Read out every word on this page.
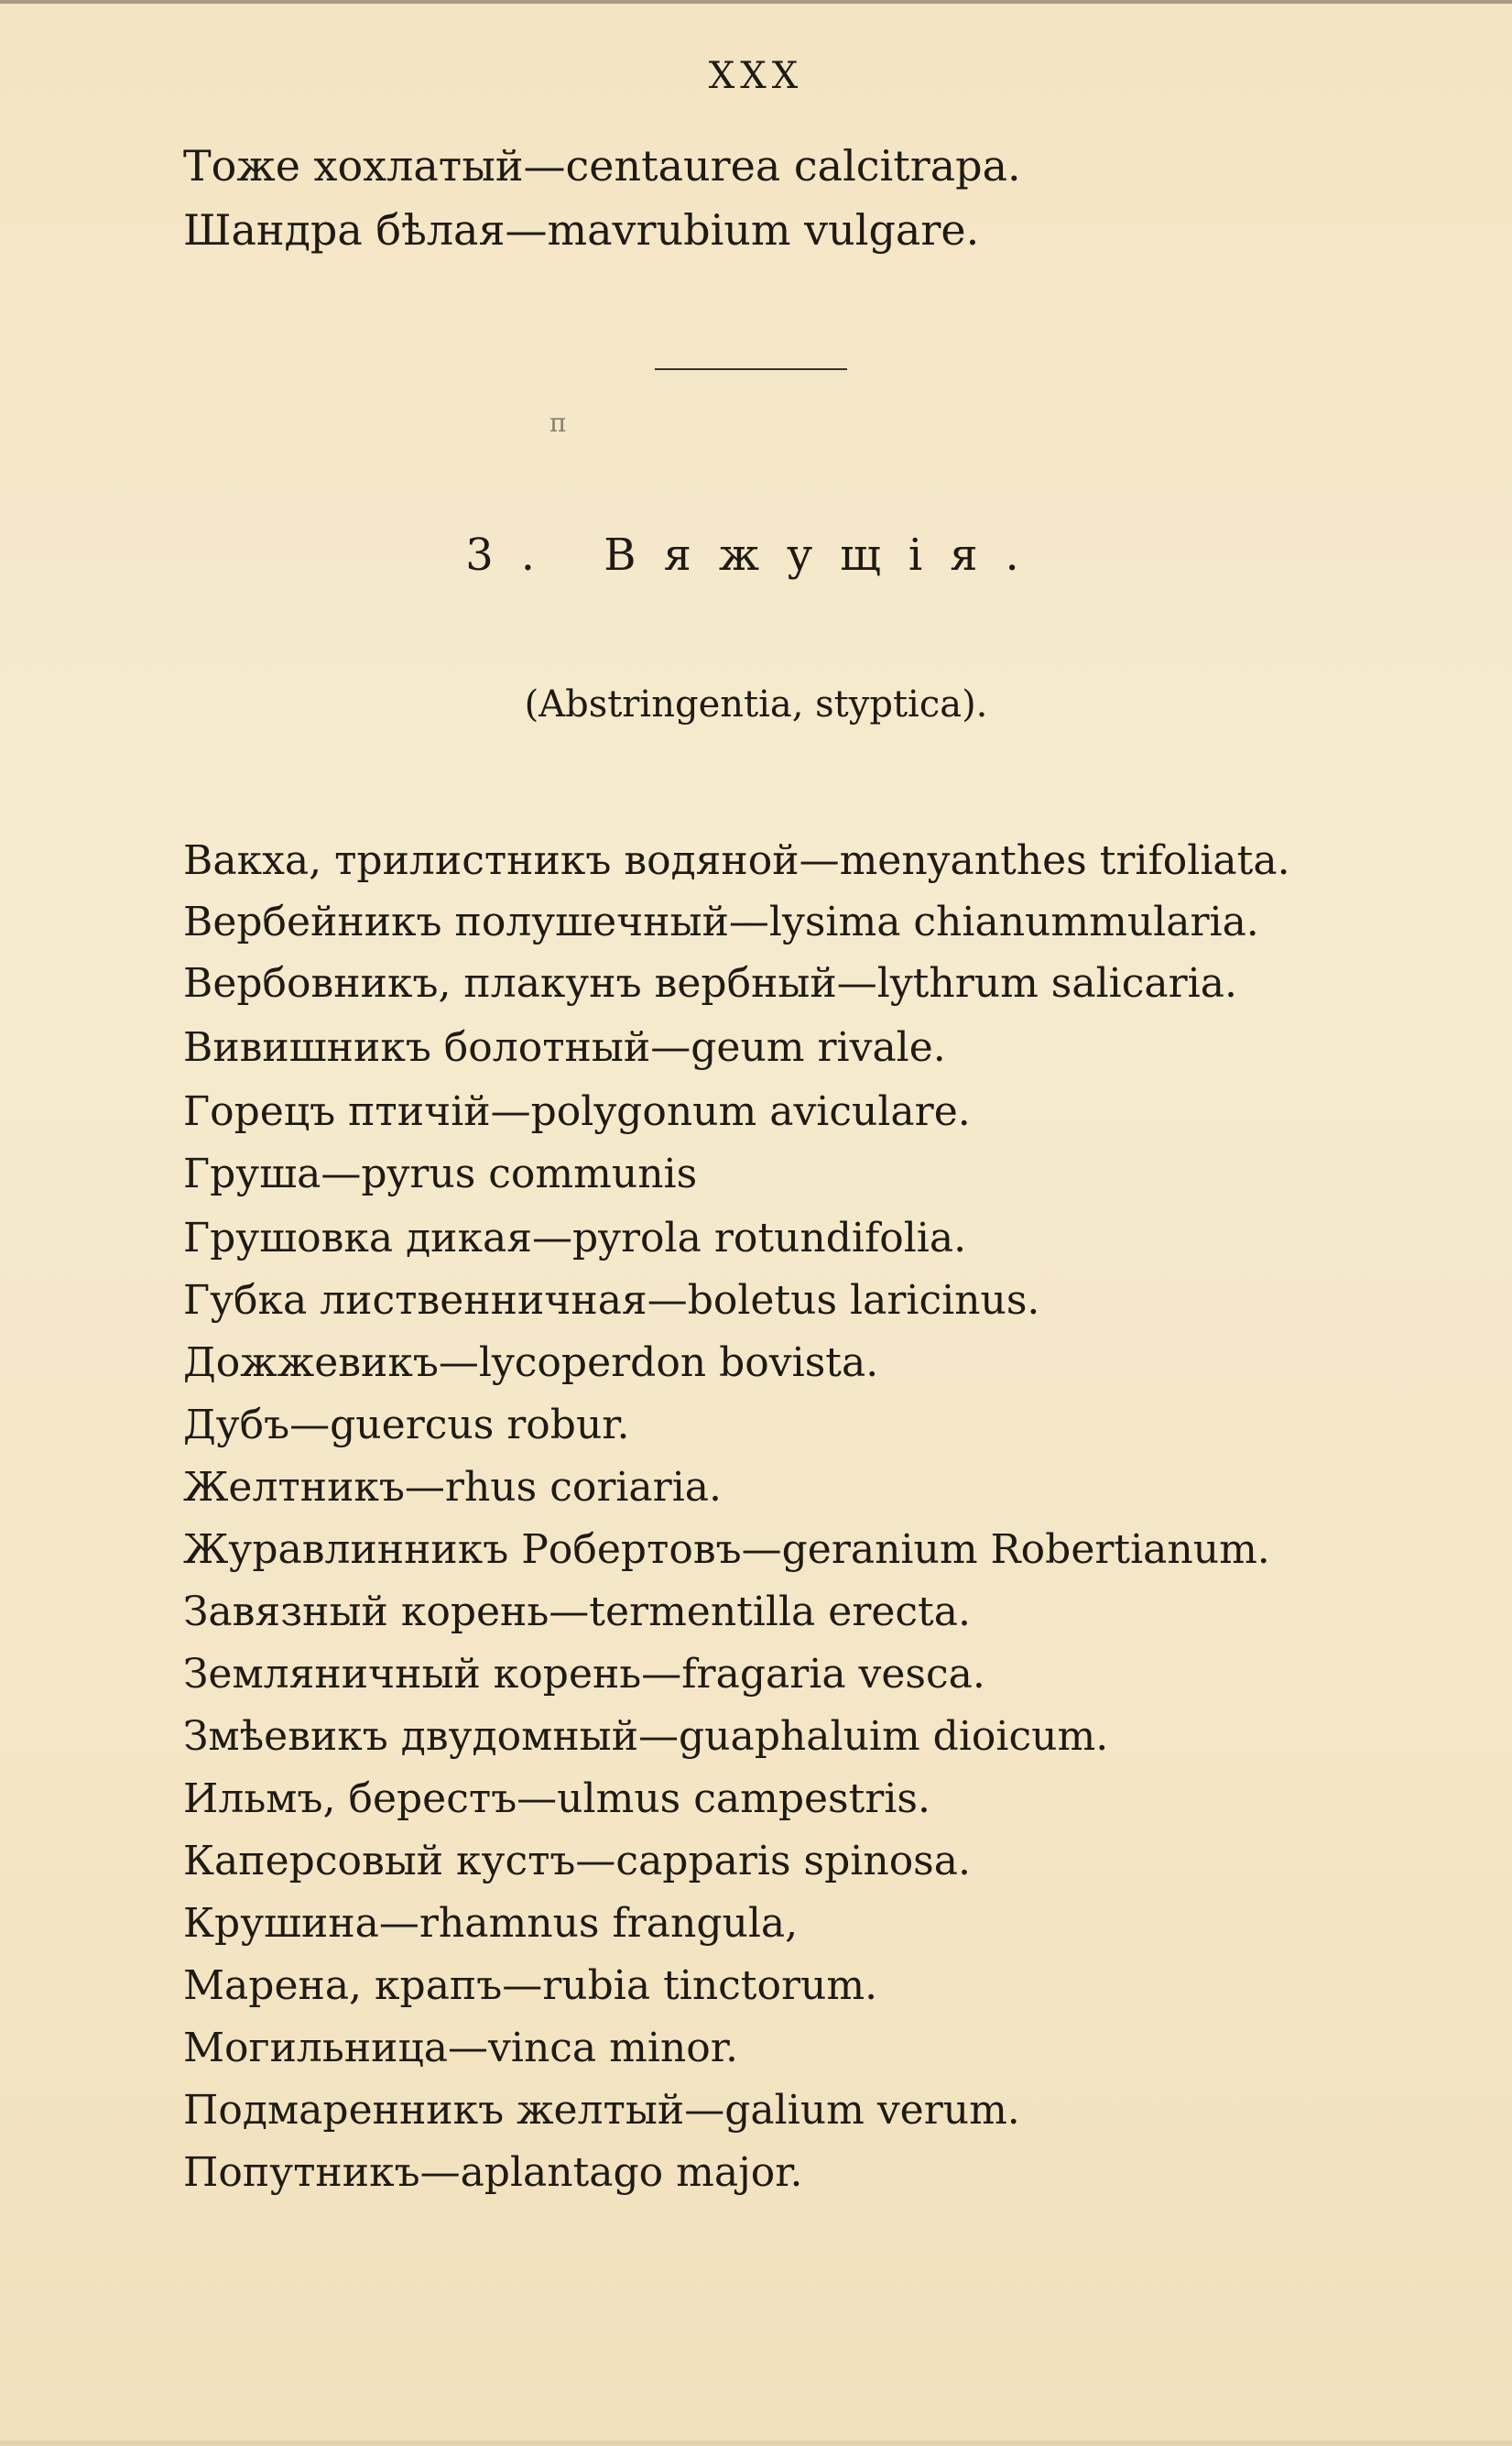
XXX
Тоже хохлатый—centaurea calcitrapa.
Шандра бѣлая—mavrubium vulgare.
п
3. Вяжущія.
(Abstringentia, styptica).
Вакха, трилистникъ водяной—menyanthes trifoliata.
Вербейникъ полушечный—lysima chianummularia.
Вербовникъ, плакунъ вербный—lythrum salicaria.
Вивишникъ болотный—geum rivale.
Горецъ птичій—polygonum aviculare.
Груша—pyrus communis
Грушовка дикая—pyrola rotundifolia.
Губка лиственничная—boletus laricinus.
Дожжевикъ—lycoperdon bovista.
Дубъ—guercus robur.
Желтникъ—rhus coriaria.
Журавлинникъ Робертовъ—geranium Robertianum.
Завязный корень—termentilla erecta.
Земляничный корень—fragaria vesca.
Змѣевикъ двудомный—guaphaluim dioicum.
Ильмъ, берестъ—ulmus campestris.
Каперсовый кустъ—capparis spinosa.
Крушина—rhamnus frangula,
Марена, крапъ—rubia tinctorum.
Могильница—vinca minor.
Подмаренникъ желтый—galium verum.
Попутникъ—aplantago major.
